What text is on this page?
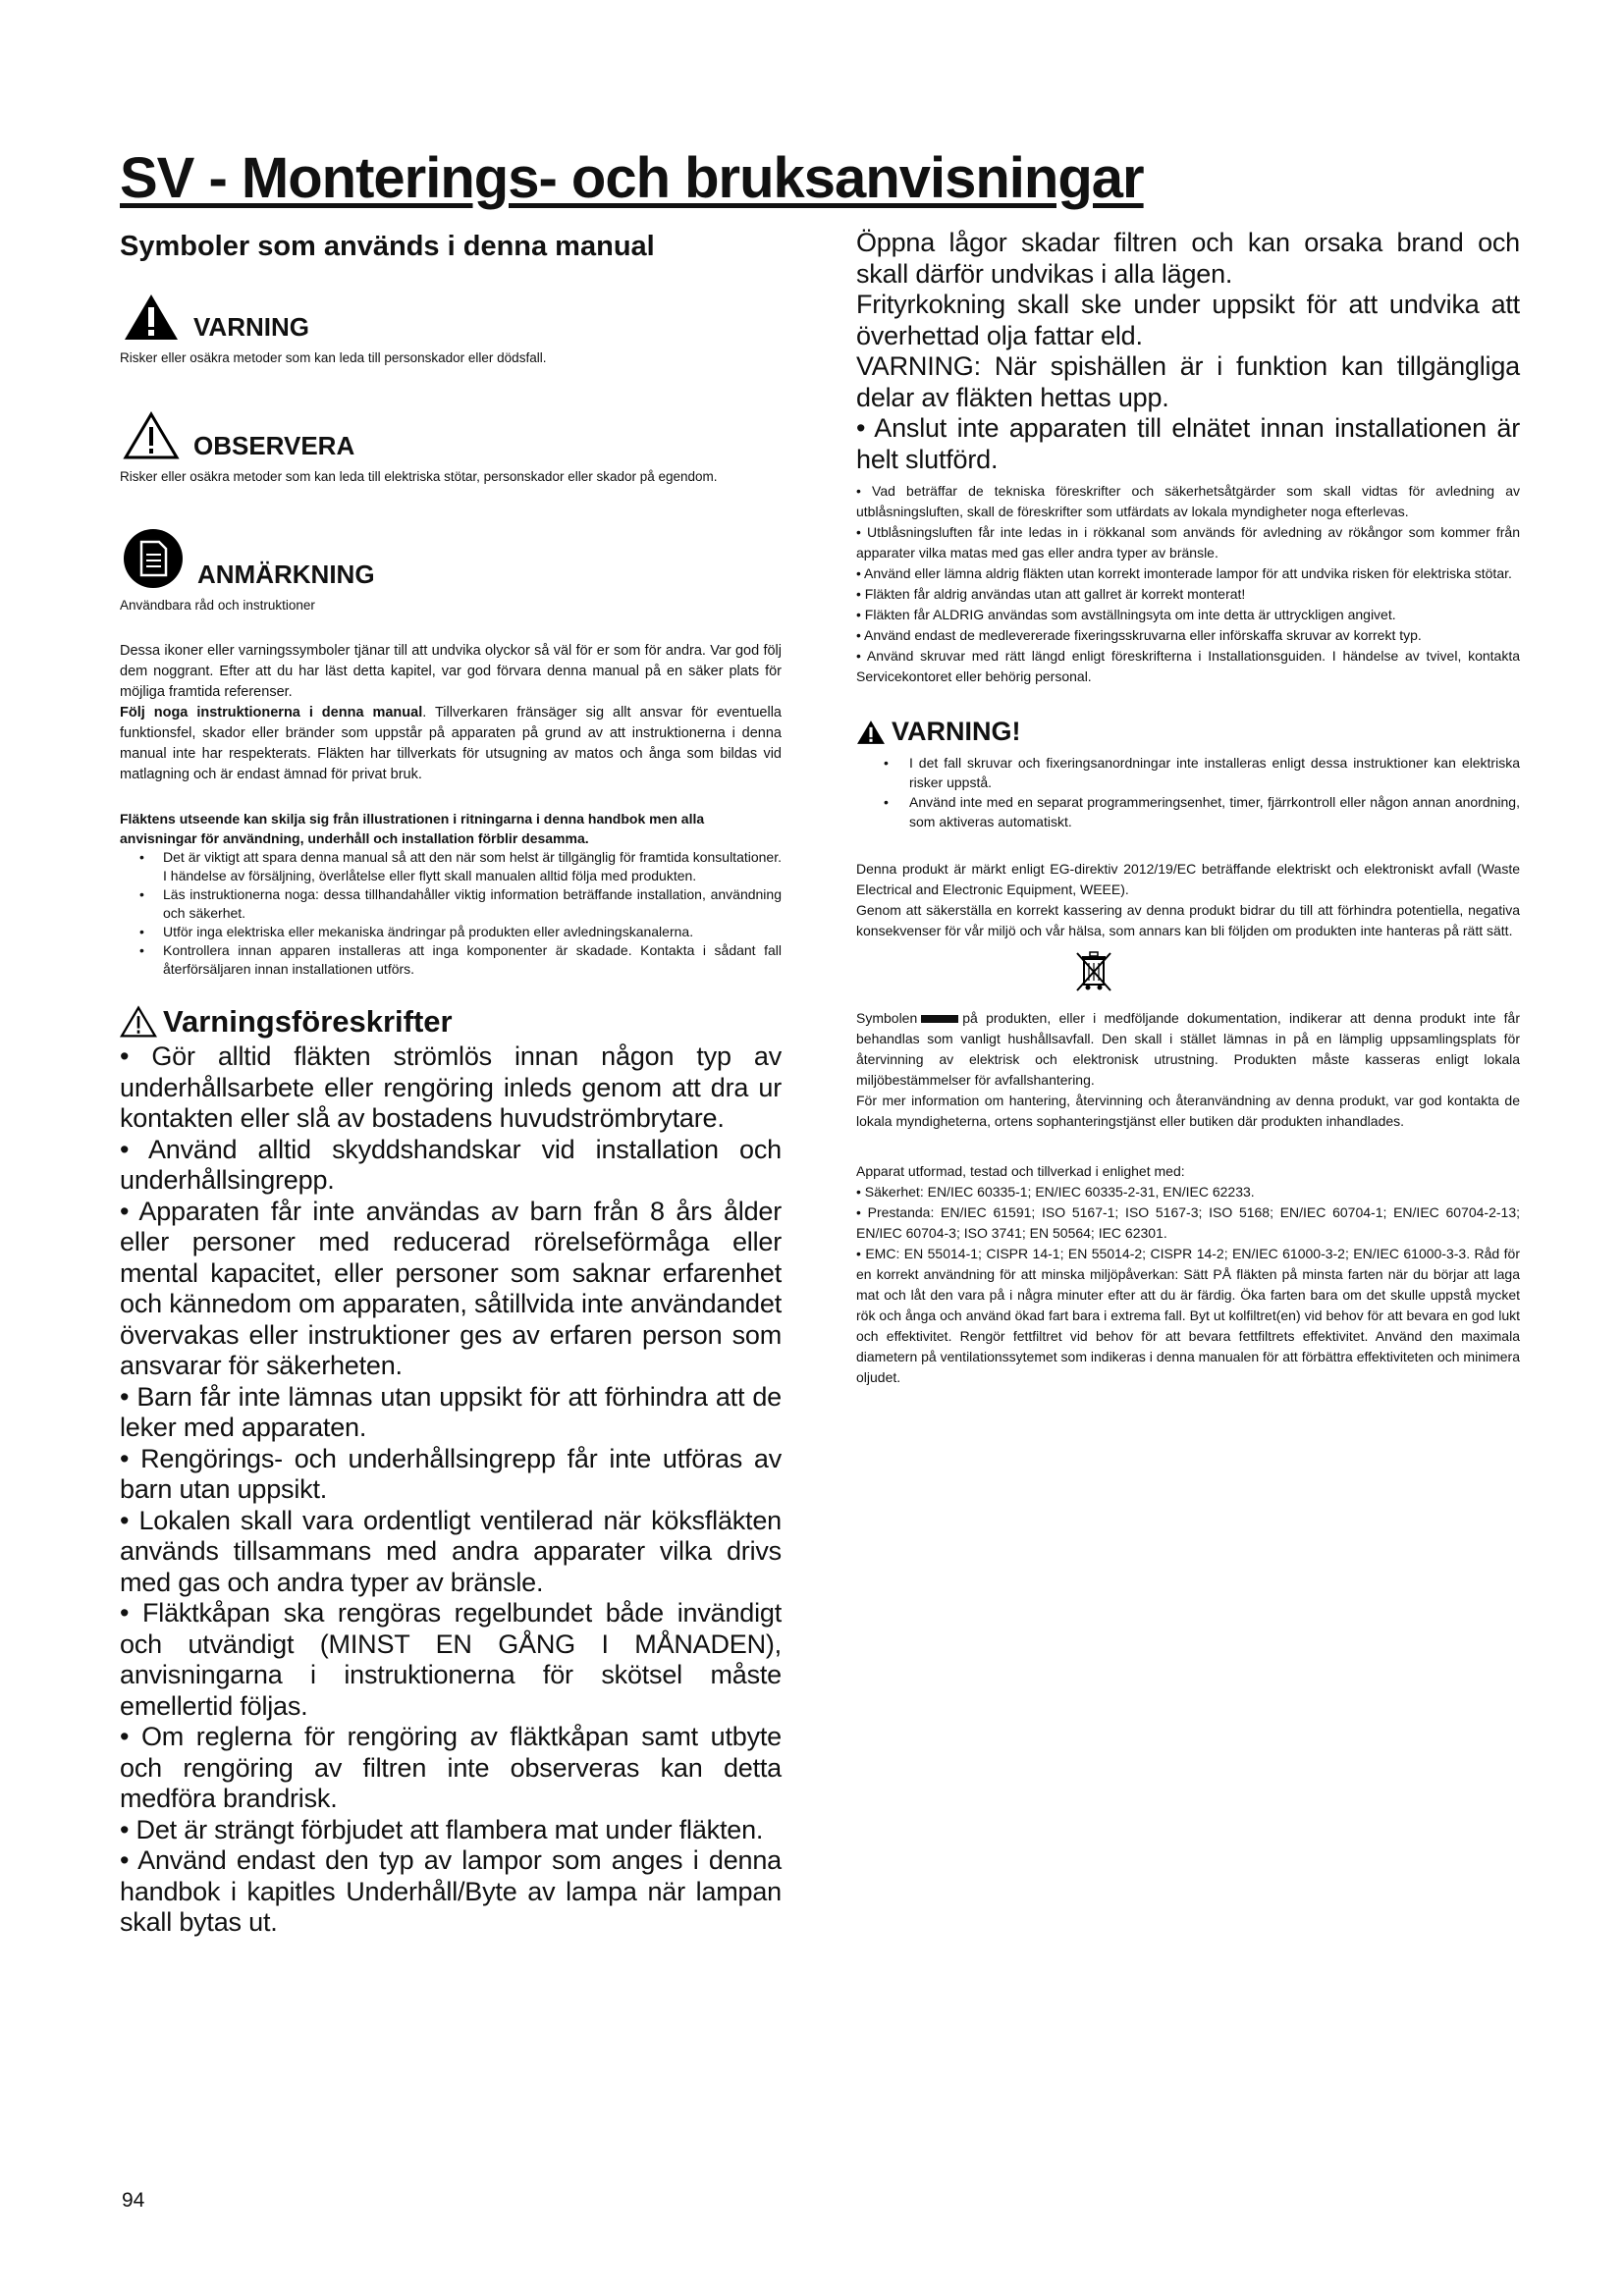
SV - Monterings- och bruksanvisningar
Symboler som används i denna manual
VARNING

Risker eller osäkra metoder som kan leda till personskador eller dödsfall.

OBSERVERA

Risker eller osäkra metoder som kan leda till elektriska stötar, personskador eller skador på egendom.

ANMÄRKNING

Användbara råd och instruktioner

Dessa ikoner eller varningssymboler tjänar till att undvika olyckor så väl för er som för andra. Var god följ dem noggrant. Efter att du har läst detta kapitel, var god förvara denna manual på en säker plats för möjliga framtida referenser.

Följ noga instruktionerna i denna manual. Tillverkaren fränsäger sig allt ansvar för eventuella funktionsfel, skador eller bränder som uppstår på apparaten på grund av att instruktionerna i denna manual inte har respekterats. Fläkten har tillverkats för utsugning av matos och ånga som bildas vid matlagning och är endast ämnad för privat bruk.

Fläktens utseende kan skilja sig från illustrationen i ritningarna i denna handbok men alla anvisningar för användning, underhåll och installation förblir desamma.

• Det är viktigt att spara denna manual så att den när som helst är tillgänglig för framtida konsultationer. I händelse av försäljning, överlåtelse eller flytt skall manualen alltid följa med produkten.
• Läs instruktionerna noga: dessa tillhandahåller viktig information beträffande installation, användning och säkerhet.
• Utför inga elektriska eller mekaniska ändringar på produkten eller avledningskanalerna.
• Kontrollera innan apparen installeras att inga komponenter är skadade. Kontakta i sådant fall återförsäljaren innan installationen utförs.
Varningsföreskrifter

• Gör alltid fläkten strömlös innan någon typ av underhållsarbete eller rengöring inleds genom att dra ur kontakten eller slå av bostadens huvudströmbrytare.

• Använd alltid skyddshandskar vid installation och underhållsingrepp.

• Apparaten får inte användas av barn från 8 års ålder eller personer med reducerad rörelseförmåga eller mental kapacitet, eller personer som saknar erfarenhet och kännedom om apparaten, såtillvida inte användandet övervakas eller instruktioner ges av erfaren person som ansvarar för säkerheten.

• Barn får inte lämnas utan uppsikt för att förhindra att de leker med apparaten.

• Rengörings- och underhållsingrepp får inte utföras av barn utan uppsikt.

• Lokalen skall vara ordentligt ventilerad när köksfläkten används tillsammans med andra apparater vilka drivs med gas och andra typer av bränsle.

• Fläktkåpan ska rengöras regelbundet både invändigt och utvändigt (MINST EN GÅNG I MÅNADEN), anvisningarna i instruktionerna för skötsel måste emellertid följas.

• Om reglerna för rengöring av fläktkåpan samt utbyte och rengöring av filtren inte observeras kan detta medföra brandrisk.

• Det är strängt förbjudet att flambera mat under fläkten.

• Använd endast den typ av lampor som anges i denna handbok i kapitles Underhåll/Byte av lampa när lampan skall bytas ut.

Öppna lågor skadar filtren och kan orsaka brand och skall därför undvikas i alla lägen.

Frityrkokning skall ske under uppsikt för att undvika att överhettad olja fattar eld.

VARNING: När spishällen är i funktion kan tillgängliga delar av fläkten hettas upp.

• Anslut inte apparaten till elnätet innan installationen är helt slutförd.

• Vad beträffar de tekniska föreskrifter och säkerhetsåtgärder som skall vidtas för avledning av utblåsningsluften, skall de föreskrifter som utfärdats av lokala myndigheter noga efterlevas.

• Utblåsningsluften får inte ledas in i rökkanal som används för avledning av rökångor som kommer från apparater vilka matas med gas eller andra typer av bränsle.

• Använd eller lämna aldrig fläkten utan korrekt imonterade lampor för att undvika risken för elektriska stötar.

• Fläkten får aldrig användas utan att gallret är korrekt monterat!

• Fläkten får ALDRIG användas som avställningsyta om inte detta är uttryckligen angivet.

• Använd endast de medlevererade fixeringsskruvarna eller införskaffa skruvar av korrekt typ.

• Använd skruvar med rätt längd enligt föreskrifterna i Installationsguiden. I händelse av tvivel, kontakta Servicekontoret eller behörig personal.

VARNING!
• I det fall skruvar och fixeringsanordningar inte installeras enligt dessa instruktioner kan elektriska risker uppstå.
• Använd inte med en separat programmeringsenhet, timer, fjärrkontroll eller någon annan anordning, som aktiveras automatiskt.

Denna produkt är märkt enligt EG-direktiv 2012/19/EC beträffande elektriskt och elektroniskt avfall (Waste Electrical and Electronic Equipment, WEEE).

Genom att säkerställa en korrekt kassering av denna produkt bidrar du till att förhindra potentiella, negativa konsekvenser för vår miljö och vår hälsa, som annars kan bli följden om produkten inte hanteras på rätt sätt.

Symbolen	på produkten, eller i medföljande dokumentation, indikerar att denna produkt inte får behandlas som vanligt hushållsavfall. Den skall i stället lämnas in på en lämplig uppsamlingsplats för återvinning av elektrisk och elektronisk utrustning. Produkten måste kasseras enligt lokala miljöbestämmelser för avfallshantering.

För mer information om hantering, återvinning och återanvändning av denna produkt, var god kontakta de lokala myndigheterna, ortens sophanteringstjänst eller butiken där produkten inhandlades.

Apparat utformad, testad och tillverkad i enlighet med:

• Säkerhet: EN/IEC 60335-1; EN/IEC 60335-2-31, EN/IEC 62233.

• Prestanda: EN/IEC 61591; ISO 5167-1; ISO 5167-3; ISO 5168; EN/IEC 60704-1; EN/IEC 60704-2-13; EN/IEC 60704-3; ISO 3741; EN 50564; IEC 62301.

• EMC: EN 55014-1; CISPR 14-1; EN 55014-2; CISPR 14-2; EN/IEC 61000-3-2; EN/IEC 61000-3-3. Råd för en korrekt användning för att minska miljöpåverkan: Sätt PÅ fläkten på minsta farten när du börjar att laga mat och låt den vara på i några minuter efter att du är färdig. Öka farten bara om det skulle uppstå mycket rök och ånga och använd ökad fart bara i extrema fall. Byt ut kolfiltret(en) vid behov för att bevara en god lukt och effektivitet. Rengör fettfiltret vid behov för att bevara fettfiltrets effektivitet. Använd den maximala diametern på ventilationssytemet som indikeras i denna manualen för att förbättra effektiviteten och minimera oljudet.

94
